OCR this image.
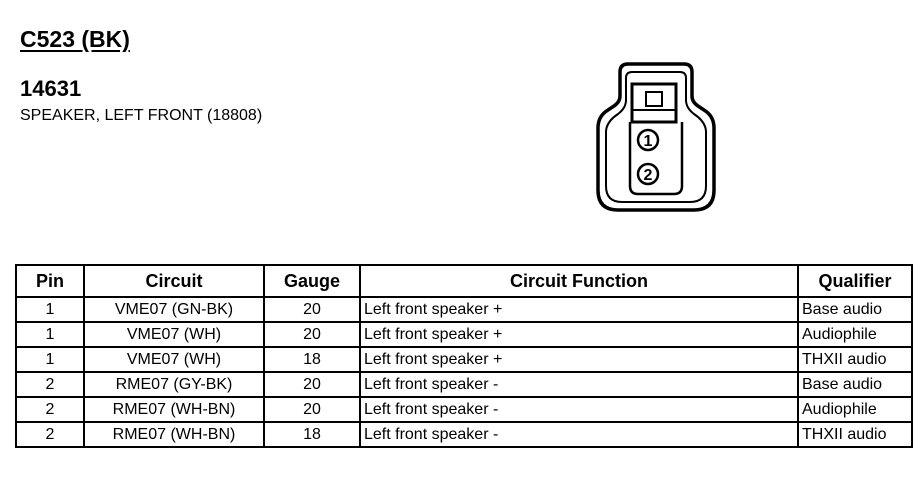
C523 (BK)
14631
SPEAKER, LEFT FRONT (18808)
1
2
Pin	Circuit	Gauge	Circuit Function	Qualifier
1	VME07 (GN-BK)	20	Left front speaker +	Base audio
1	VME07 (WH)	20	Left front speaker +	Audiophile
1	VME07 (WH)	18	Left front speaker +	THXII audio
2	RME07 (GY-BK)	20	Left front speaker -	Base audio
2	RME07 (WH-BN)	20	Left front speaker -	Audiophile
2	RME07 (WH-BN)	18	Left front speaker -	THXII audio
